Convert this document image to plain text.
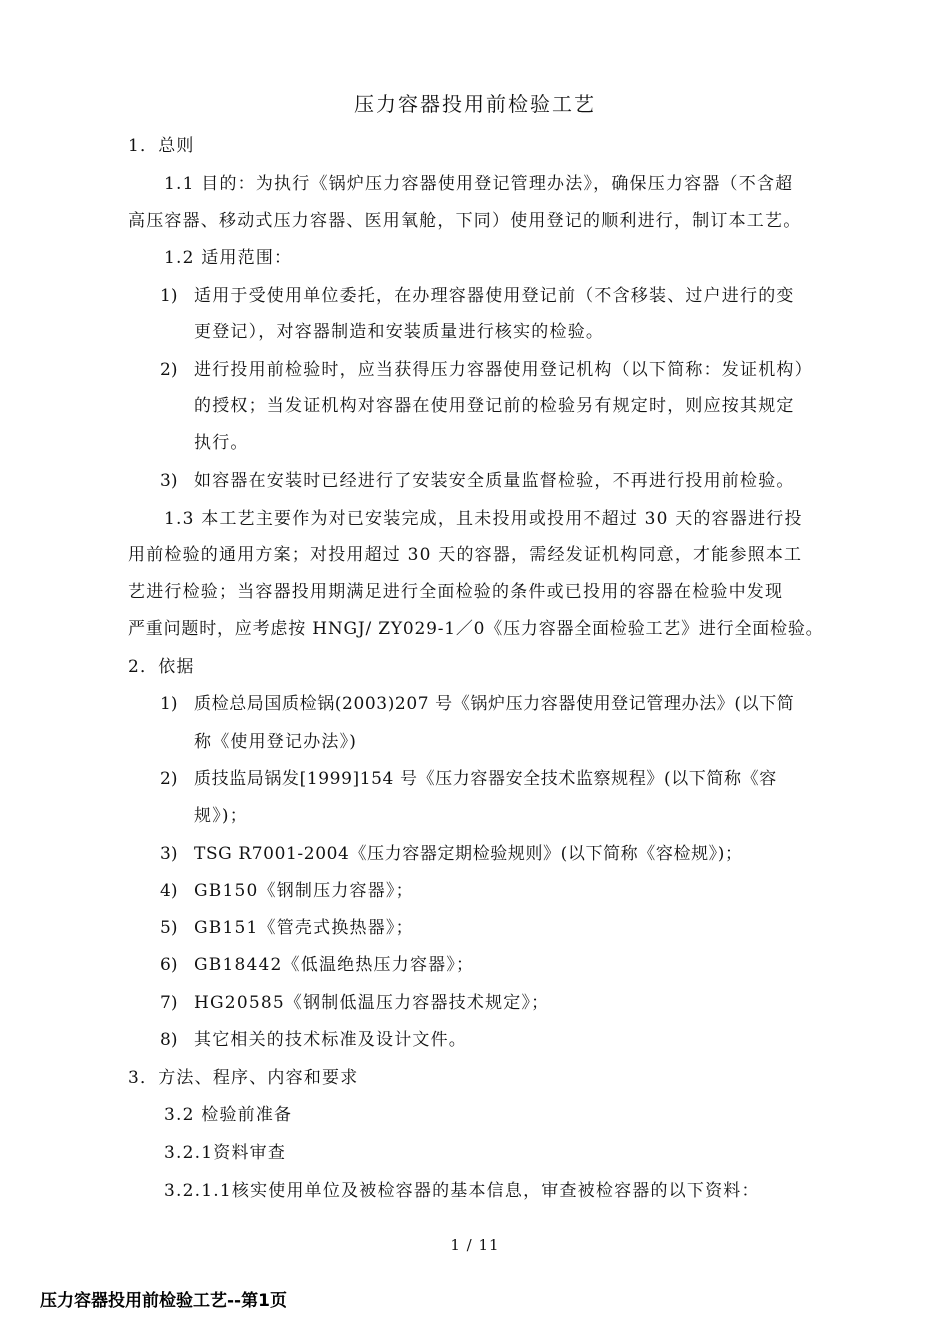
压力容器投用前检验工艺
1．总则
1.1 目的：为执行《锅炉压力容器使用登记管理办法》，确保压力容器（不含超
高压容器、移动式压力容器、医用氧舱，下同）使用登记的顺利进行，制订本工艺。
1.2 适用范围：
1) 适用于受使用单位委托，在办理容器使用登记前（不含移装、过户进行的变
更登记），对容器制造和安装质量进行核实的检验。
2) 进行投用前检验时，应当获得压力容器使用登记机构（以下简称：发证机构）
的授权；当发证机构对容器在使用登记前的检验另有规定时，则应按其规定
执行。
3) 如容器在安装时已经进行了安装安全质量监督检验，不再进行投用前检验。
1.3 本工艺主要作为对已安装完成，且未投用或投用不超过 30 天的容器进行投
用前检验的通用方案；对投用超过 30 天的容器，需经发证机构同意，才能参照本工
艺进行检验；当容器投用期满足进行全面检验的条件或已投用的容器在检验中发现
严重问题时，应考虑按 HNGJ/ ZY029-1／0《压力容器全面检验工艺》进行全面检验。
2．依据
1) 质检总局国质检锅(2003)207 号《锅炉压力容器使用登记管理办法》(以下简
称《使用登记办法》)
2) 质技监局锅发[1999]154 号《压力容器安全技术监察规程》(以下简称《容
规》)；
3) TSG R7001-2004《压力容器定期检验规则》(以下简称《容检规》)；
4) GB150《钢制压力容器》；
5) GB151《管壳式换热器》；
6) GB18442《低温绝热压力容器》；
7) HG20585《钢制低温压力容器技术规定》；
8) 其它相关的技术标准及设计文件。
3．方法、程序、内容和要求
3.2 检验前准备
3.2.1资料审查
3.2.1.1核实使用单位及被检容器的基本信息，审查被检容器的以下资料：
1 / 11
压力容器投用前检验工艺--第1页
